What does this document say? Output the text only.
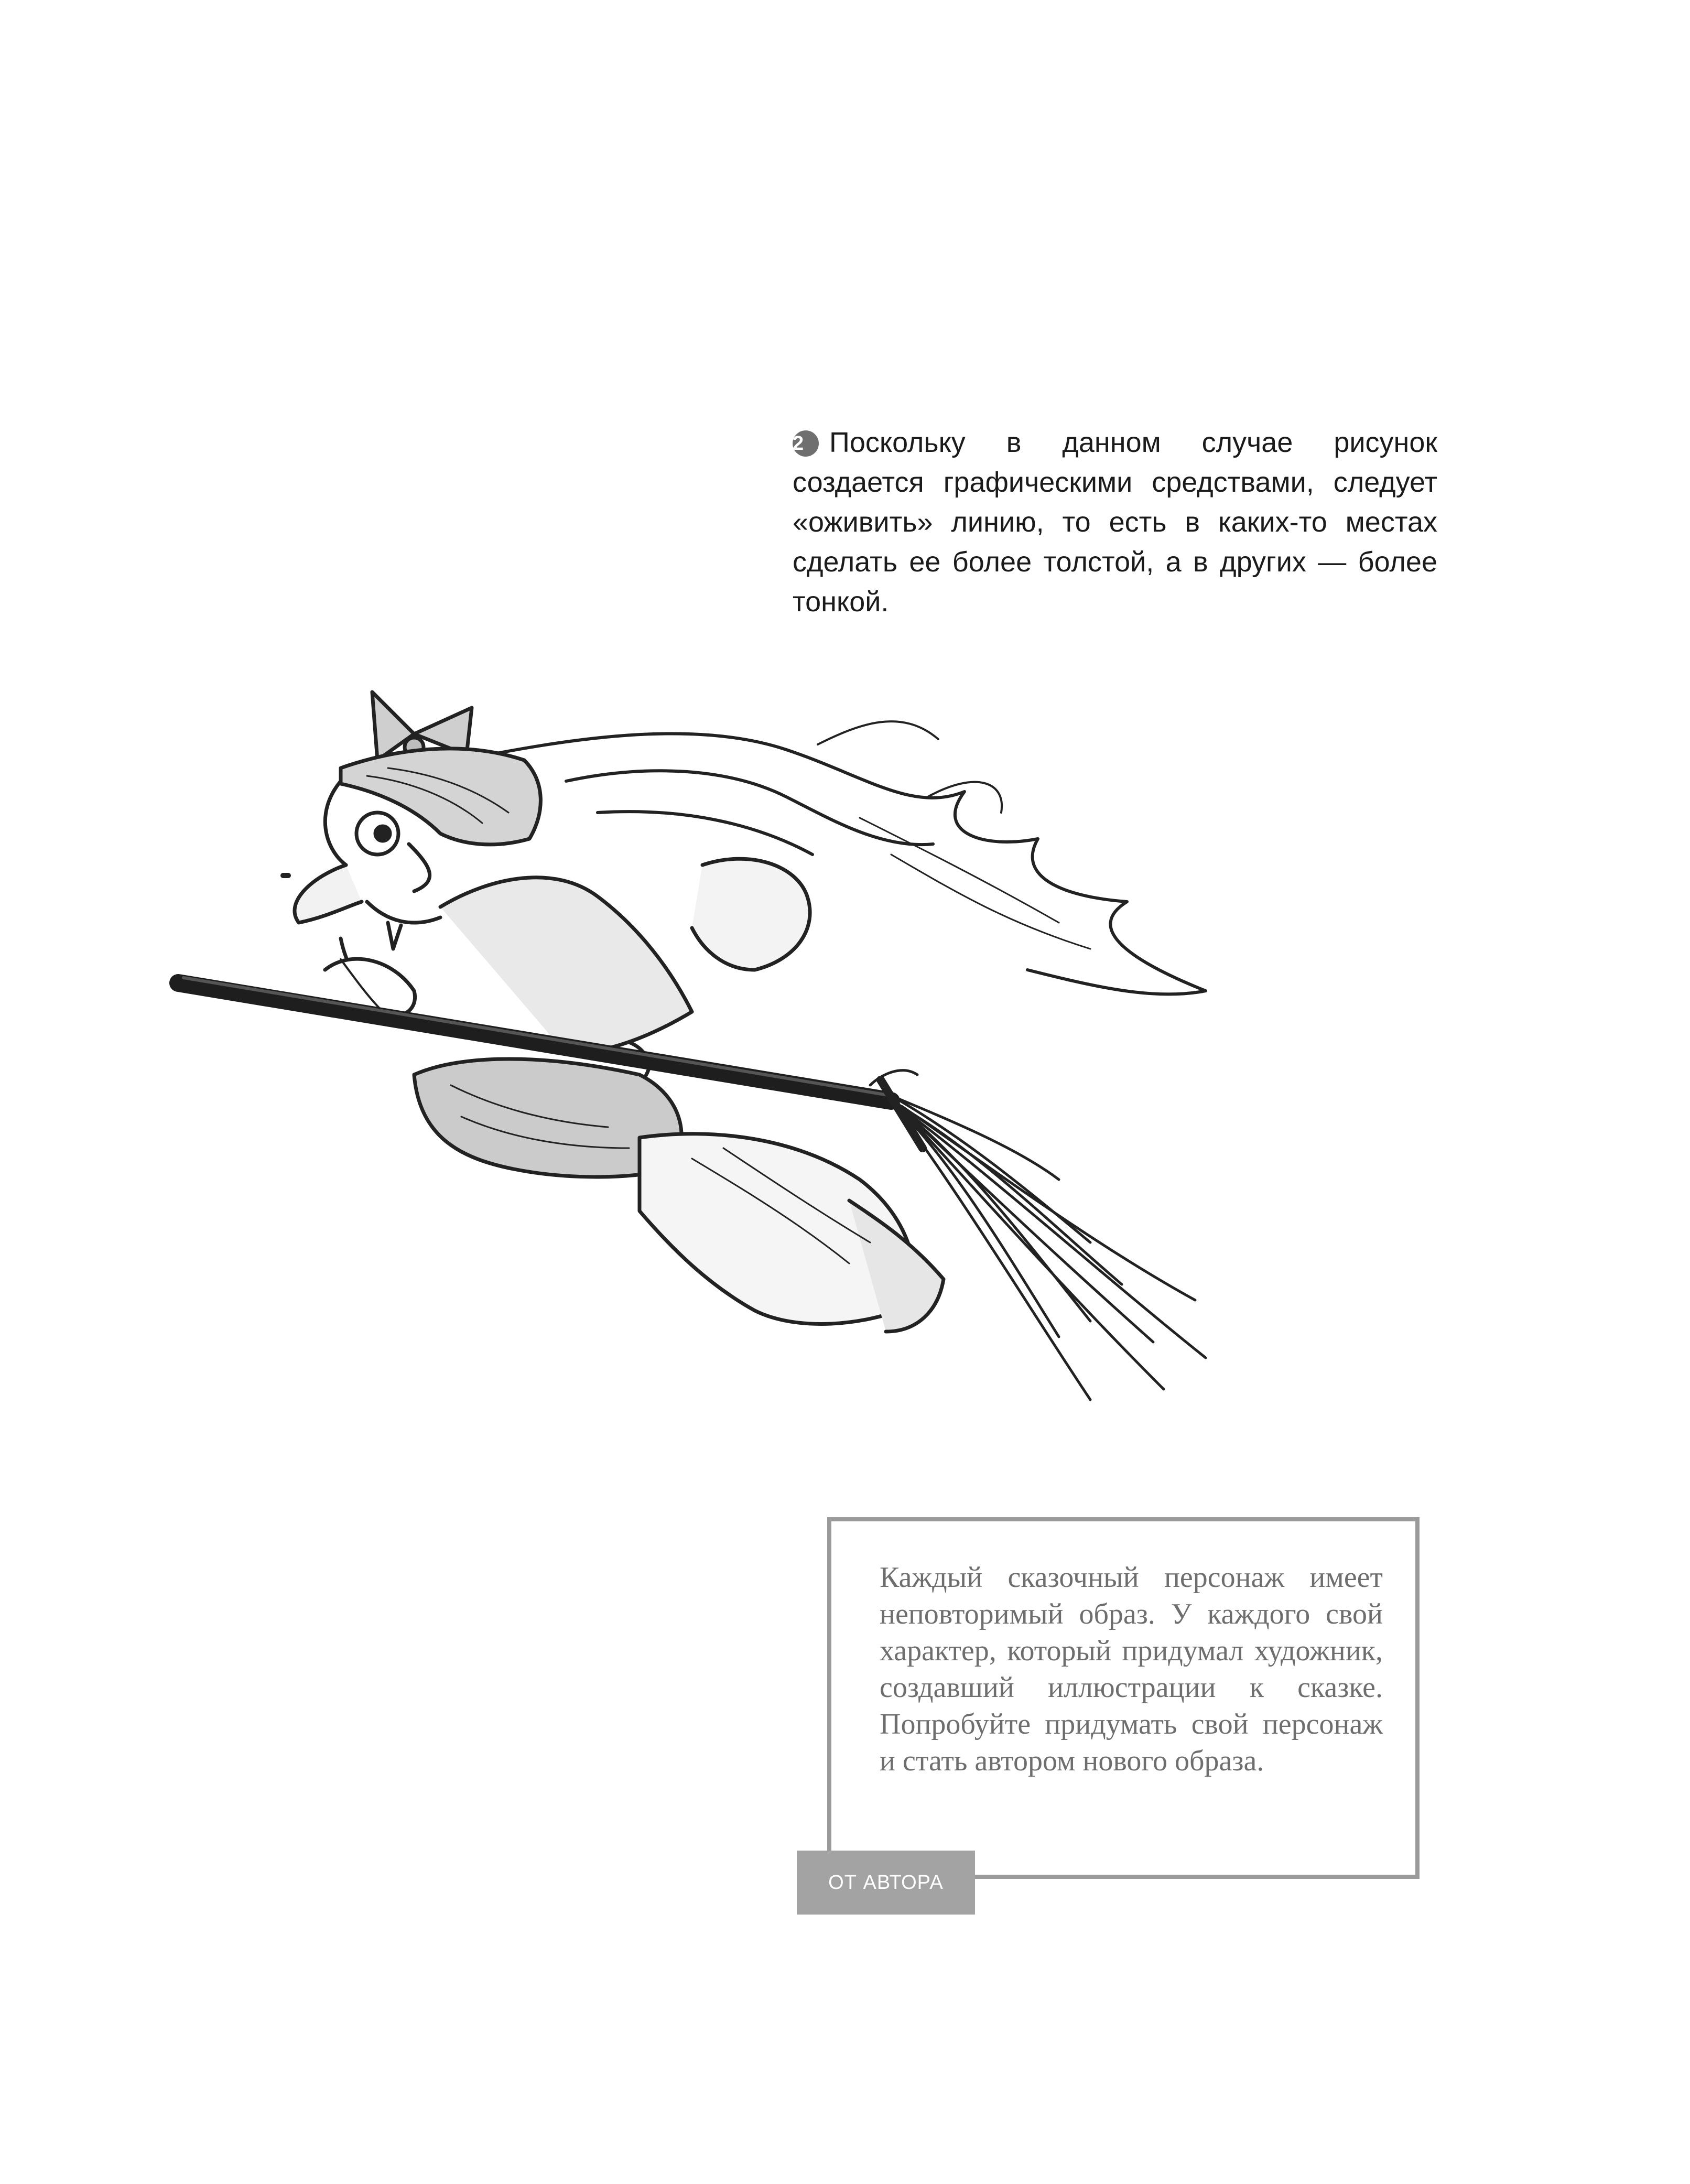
2 Поскольку в данном случае рисунок создается графическими средствами, следует «оживить» линию, то есть в каких-то местах сделать ее более толстой, а в других — более тонкой.
Каждый сказочный персонаж имеет неповторимый образ. У каждого свой характер, который придумал художник, создавший иллюстрации к сказке. Попробуйте придумать свой персонаж и стать автором нового образа.
ОТ АВТОРА
